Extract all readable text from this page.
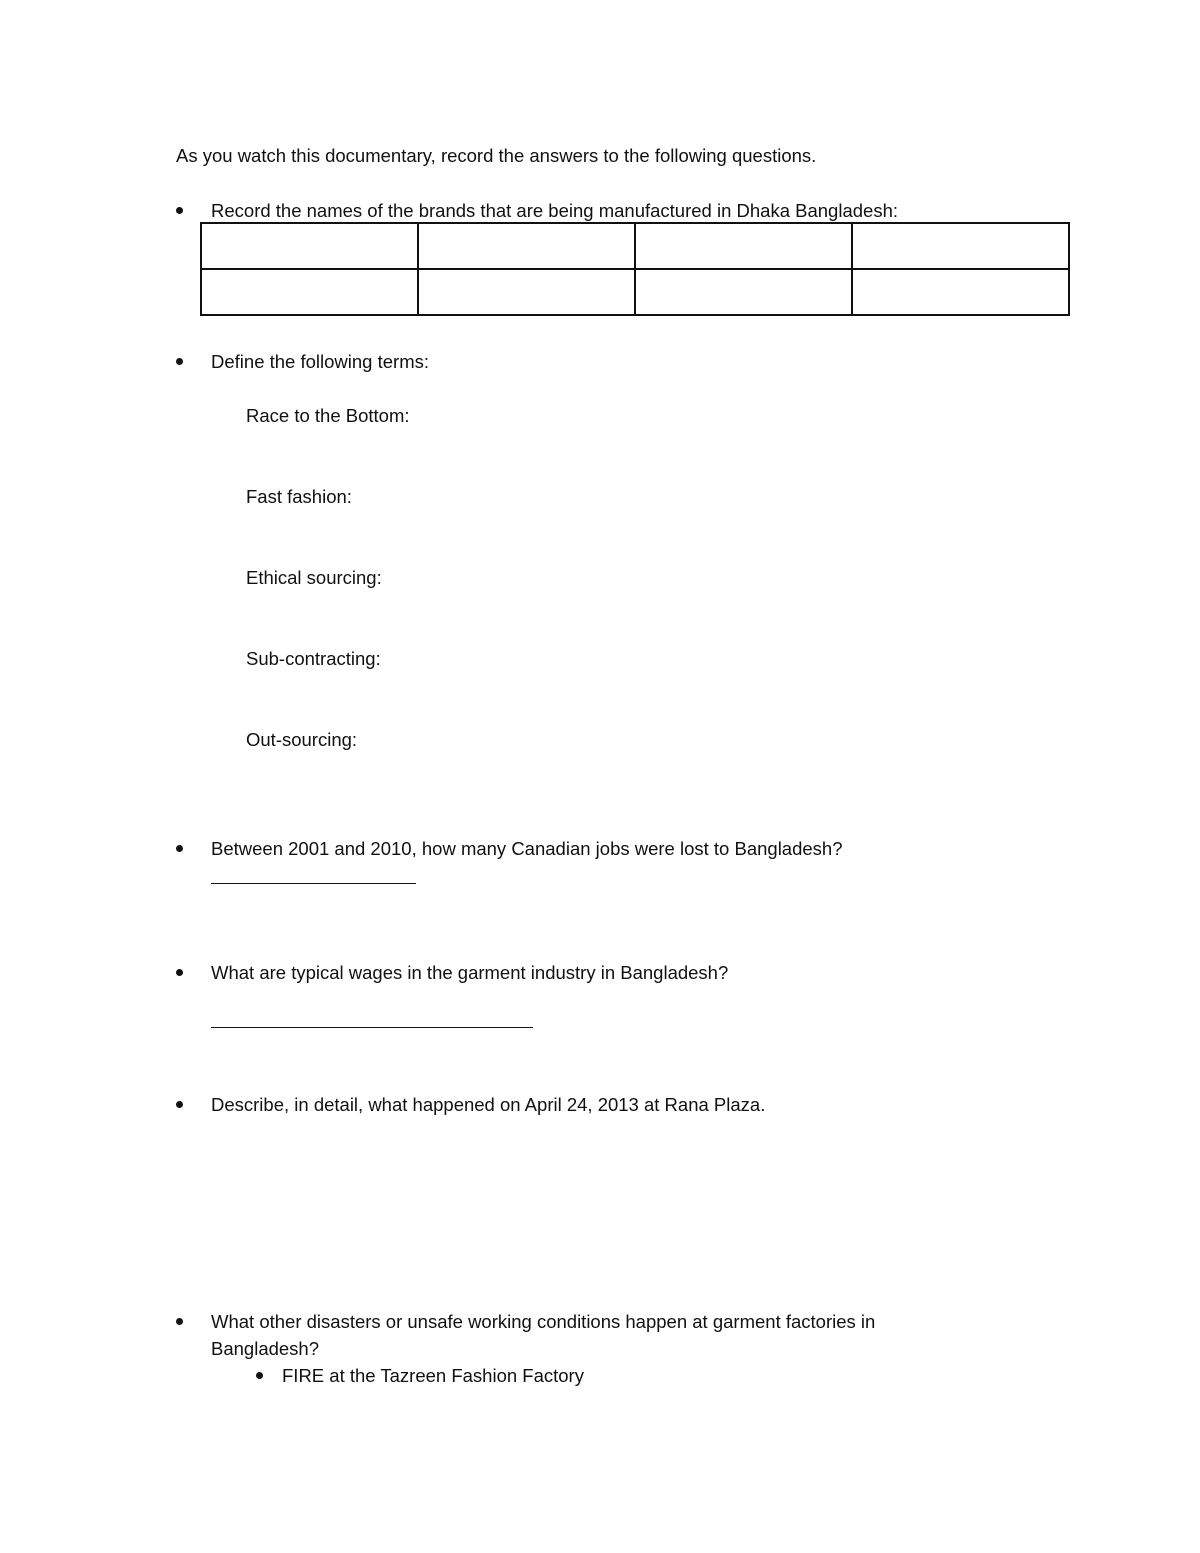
As you watch this documentary, record the answers to the following questions.
Record the names of the brands that are being manufactured in Dhaka Bangladesh:

Define the following terms:
Race to the Bottom:
Fast fashion:
Ethical sourcing:
Sub-contracting:
Out-sourcing:
Between 2001 and 2010, how many Canadian jobs were lost to Bangladesh?
What are typical wages in the garment industry in Bangladesh?
Describe, in detail, what happened on April 24, 2013 at Rana Plaza.
What other disasters or unsafe working conditions happen at garment factories in
Bangladesh?
FIRE at the Tazreen Fashion Factory
